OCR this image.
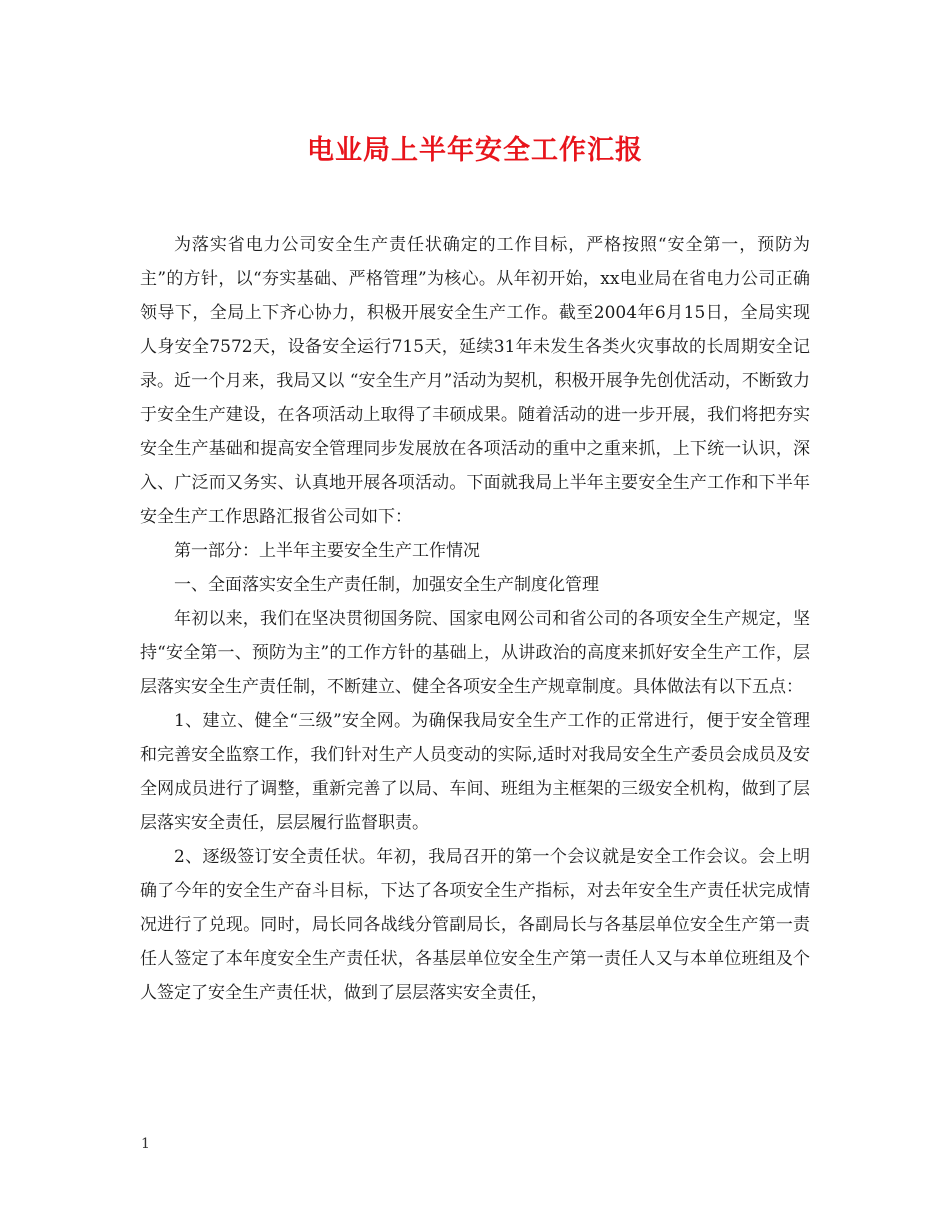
电业局上半年安全工作汇报

为落实省电力公司安全生产责任状确定的工作目标，严格按照“安全第一，预防为主”的方针，以“夯实基础、严格管理”为核心。从年初开始，xx电业局在省电力公司正确领导下，全局上下齐心协力，积极开展安全生产工作。截至2004年6月15日，全局实现人身安全7572天，设备安全运行715天，延续31年未发生各类火灾事故的长周期安全记录。近一个月来，我局又以 “安全生产月”活动为契机，积极开展争先创优活动，不断致力于安全生产建设，在各项活动上取得了丰硕成果。随着活动的进一步开展，我们将把夯实安全生产基础和提高安全管理同步发展放在各项活动的重中之重来抓，上下统一认识，深入、广泛而又务实、认真地开展各项活动。下面就我局上半年主要安全生产工作和下半年安全生产工作思路汇报省公司如下：

第一部分：上半年主要安全生产工作情况

一、全面落实安全生产责任制，加强安全生产制度化管理

年初以来，我们在坚决贯彻国务院、国家电网公司和省公司的各项安全生产规定，坚持“安全第一、预防为主”的工作方针的基础上，从讲政治的高度来抓好安全生产工作，层层落实安全生产责任制，不断建立、健全各项安全生产规章制度。具体做法有以下五点：

1、建立、健全“三级”安全网。为确保我局安全生产工作的正常进行，便于安全管理和完善安全监察工作，我们针对生产人员变动的实际,适时对我局安全生产委员会成员及安全网成员进行了调整，重新完善了以局、车间、班组为主框架的三级安全机构，做到了层层落实安全责任，层层履行监督职责。

2、逐级签订安全责任状。年初，我局召开的第一个会议就是安全工作会议。会上明确了今年的安全生产奋斗目标，下达了各项安全生产指标，对去年安全生产责任状完成情况进行了兑现。同时，局长同各战线分管副局长，各副局长与各基层单位安全生产第一责任人签定了本年度安全生产责任状，各基层单位安全生产第一责任人又与本单位班组及个人签定了安全生产责任状，做到了层层落实安全责任，

1
